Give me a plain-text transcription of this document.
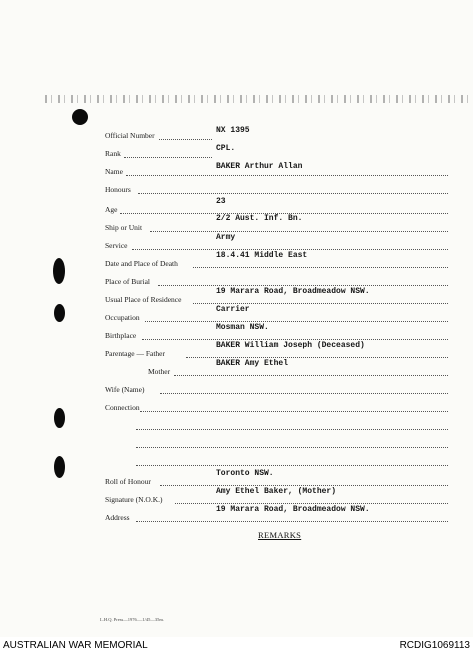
Official Number
NX 1395
Rank
CPL.
Name
BAKER Arthur Allan
Honours
Age
23
Ship or Unit
2/2 Aust. Inf. Bn.
Service
Army
Date and Place of Death
18.4.41 Middle East
Place of Burial
Usual Place of Residence
19 Marara Road, Broadmeadow NSW.
Occupation
Carrier
Birthplace
Mosman NSW.
Parentage — Father
BAKER William Joseph (Deceased)
Mother
BAKER Amy Ethel
Wife (Name)
Connection
Roll of Honour
Toronto NSW.
Signature (N.O.K.)
Amy Ethel Baker, (Mother)
Address
19 Marara Road, Broadmeadow NSW.
REMARKS
L.H.Q. Press—1976.—1/45—35m.
AUSTRALIAN WAR MEMORIAL	RCDIG1069113
